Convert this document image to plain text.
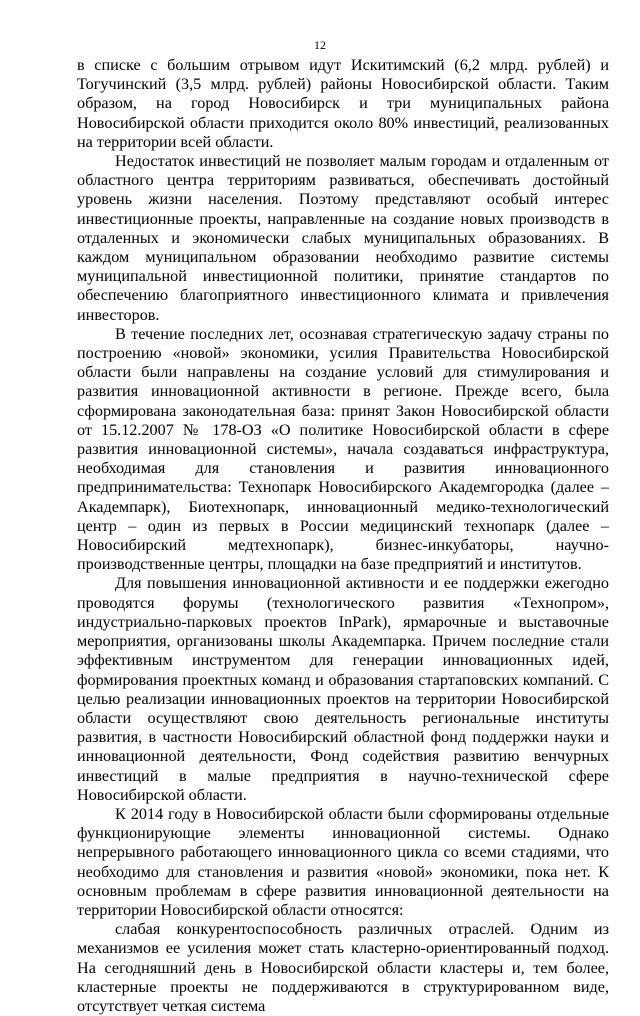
12

в списке с большим отрывом идут Искитимский (6,2 млрд. рублей) и Тогучинский (3,5 млрд. рублей) районы Новосибирской области. Таким образом, на город Новосибирск и три муниципальных района Новосибирской области приходится около 80% инвестиций, реализованных на территории всей области.

Недостаток инвестиций не позволяет малым городам и отдаленным от областного центра территориям развиваться, обеспечивать достойный уровень жизни населения. Поэтому представляют особый интерес инвестиционные проекты, направленные на создание новых производств в отдаленных и экономически слабых муниципальных образованиях. В каждом муниципальном образовании необходимо развитие системы муниципальной инвестиционной политики, принятие стандартов по обеспечению благоприятного инвестиционного климата и привлечения инвесторов.

В течение последних лет, осознавая стратегическую задачу страны по построению «новой» экономики, усилия Правительства Новосибирской области были направлены на создание условий для стимулирования и развития инновационной активности в регионе. Прежде всего, была сформирована законодательная база: принят Закон Новосибирской области от 15.12.2007 № 178-ОЗ «О политике Новосибирской области в сфере развития инновационной системы», начала создаваться инфраструктура, необходимая для становления и развития инновационного предпринимательства: Технопарк Новосибирского Академгородка (далее – Академпарк), Биотехнопарк, инновационный медико-технологический центр – один из первых в России медицинский технопарк (далее – Новосибирский медтехнопарк), бизнес-инкубаторы, научно-производственные центры, площадки на базе предприятий и институтов.

Для повышения инновационной активности и ее поддержки ежегодно проводятся форумы (технологического развития «Технопром», индустриально-парковых проектов InPark), ярмарочные и выставочные мероприятия, организованы школы Академпарка. Причем последние стали эффективным инструментом для генерации инновационных идей, формирования проектных команд и образования стартаповских компаний. С целью реализации инновационных проектов на территории Новосибирской области осуществляют свою деятельность региональные институты развития, в частности Новосибирский областной фонд поддержки науки и инновационной деятельности, Фонд содействия развитию венчурных инвестиций в малые предприятия в научно-технической сфере Новосибирской области.

К 2014 году в Новосибирской области были сформированы отдельные функционирующие элементы инновационной системы. Однако непрерывного работающего инновационного цикла со всеми стадиями, что необходимо для становления и развития «новой» экономики, пока нет. К основным проблемам в сфере развития инновационной деятельности на территории Новосибирской области относятся:

слабая конкурентоспособность различных отраслей. Одним из механизмов ее усиления может стать кластерно-ориентированный подход. На сегодняшний день в Новосибирской области кластеры и, тем более, кластерные проекты не поддерживаются в структурированном виде, отсутствует четкая система
